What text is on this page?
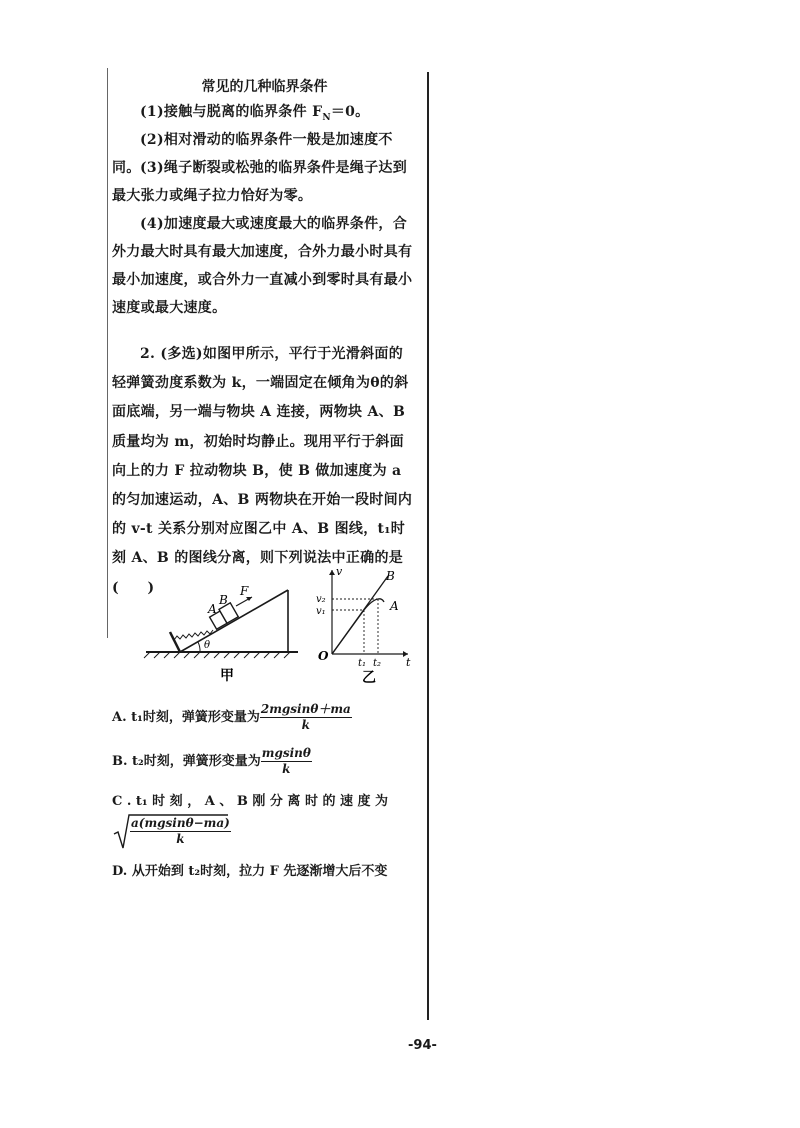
常见的几种临界条件
(1)接触与脱离的临界条件 $F_N=0$。
(2)相对滑动的临界条件一般是加速度不同。 (3)绳子断裂或松弛的临界条件是绳子达到最大张力或绳子拉力恰好为零。
(4)加速度最大或速度最大的临界条件，合外力最大时具有最大加速度，合外力最小时具有最小加速度，或合外力一直减小到零时具有最小速度或最大速度。
2. (多选)如图甲所示，平行于光滑斜面的轻弹簧劲度系数为 k，一端固定在倾角为θ的斜面底端，另一端与物块 A 连接，两物块 A、B 质量均为 m，初始时均静止。现用平行于斜面向上的力 F 拉动物块 B，使 B 做加速度为 a 的匀加速运动，A、B 两物块在开始一段时间内的 v-t 关系分别对应图乙中 A、B 图线，t₁时刻 A、B 的图线分离，则下列说法中正确的是(　　)
A
B
F
θ
甲
v
t
O
v₁
v₂
t₁ t₂
A
B
乙
A. t₁时刻，弹簧形变量为 $\frac{2mgsin\theta+ma}{k}$
B. t₂时刻，弹簧形变量为 $\frac{mgsin\theta}{k}$
C . t₁ 时 刻 ， A 、 B 刚 分 离 时 的 速 度 为
$\frac{a(mgsin\theta-ma)}{k}$
D. 从开始到 t₂时刻，拉力 F 先逐渐增大后不变
-94-
